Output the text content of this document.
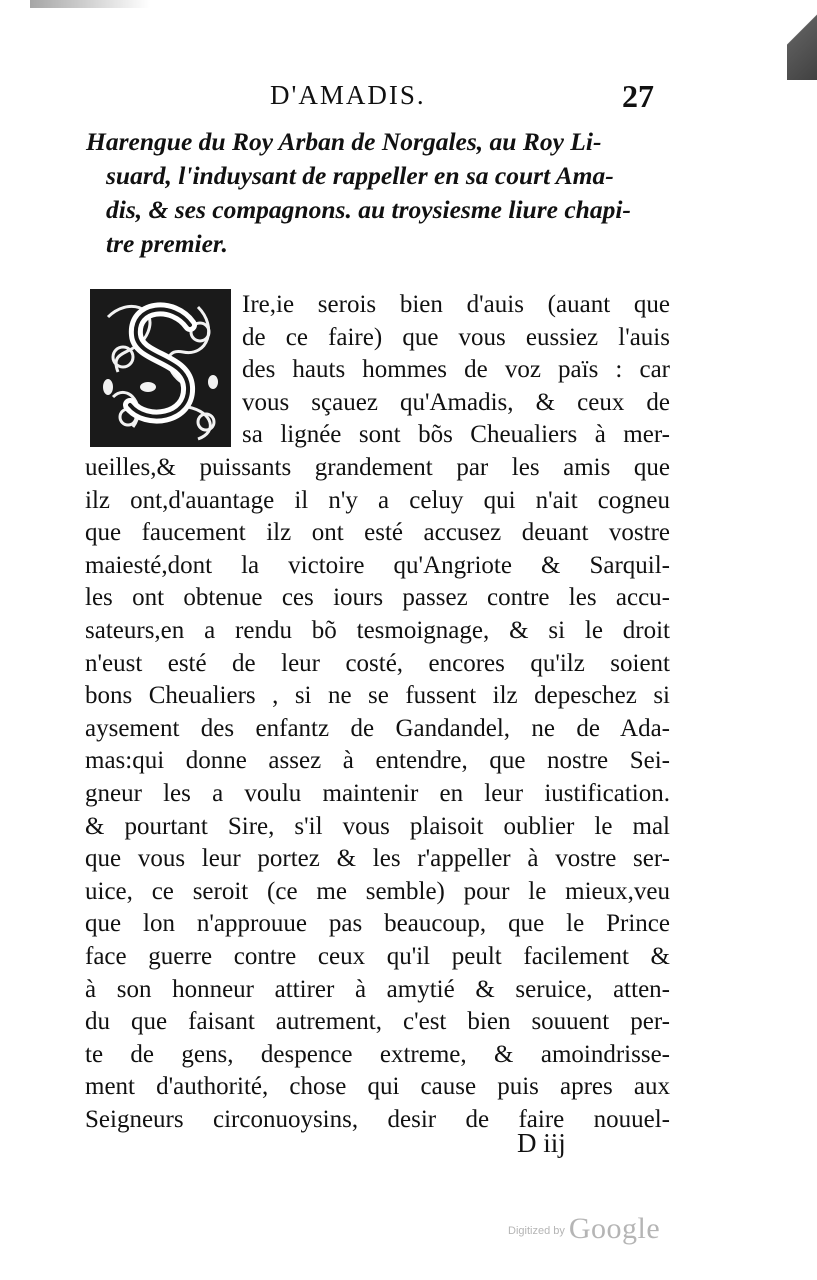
D'AMADIS.	27
Harengue du Roy Arban de Norgales, au Roy Li-
suard, l'induysant de rappeller en sa court Ama-
dis, & ses compagnons. au troysiesme liure chapi-
tre premier.
Ire,ie serois bien d'auis (auant que
de ce faire) que vous eussiez l'auis
des hauts hommes de voz païs : car
vous sçauez qu'Amadis, & ceux de
sa lignée sont bõs Cheualiers à mer-
ueilles,& puissants grandement par les amis que
ilz ont,d'auantage il n'y a celuy qui n'ait cogneu
que faucement ilz ont esté accusez deuant vostre
maiesté,dont la victoire qu'Angriote & Sarquil-
les ont obtenue ces iours passez contre les accu-
sateurs,en a rendu bõ tesmoignage, & si le droit
n'eust esté de leur costé, encores qu'ilz soient
bons Cheualiers , si ne se fussent ilz depeschez si
aysement des enfantz de Gandandel, ne de Ada-
mas:qui donne assez à entendre, que nostre Sei-
gneur les a voulu maintenir en leur iustification.
& pourtant Sire, s'il vous plaisoit oublier le mal
que vous leur portez & les r'appeller à vostre ser-
uice, ce seroit (ce me semble) pour le mieux,veu
que lon n'approuue pas beaucoup, que le Prince
face guerre contre ceux qu'il peult facilement &
à son honneur attirer à amytié & seruice, atten-
du que faisant autrement, c'est bien souuent per-
te de gens, despence extreme, & amoindrisse-
ment d'authorité, chose qui cause puis apres aux
Seigneurs circonuoysins, desir de faire nouuel-
D iij
$^{Digitized by}$ Google
